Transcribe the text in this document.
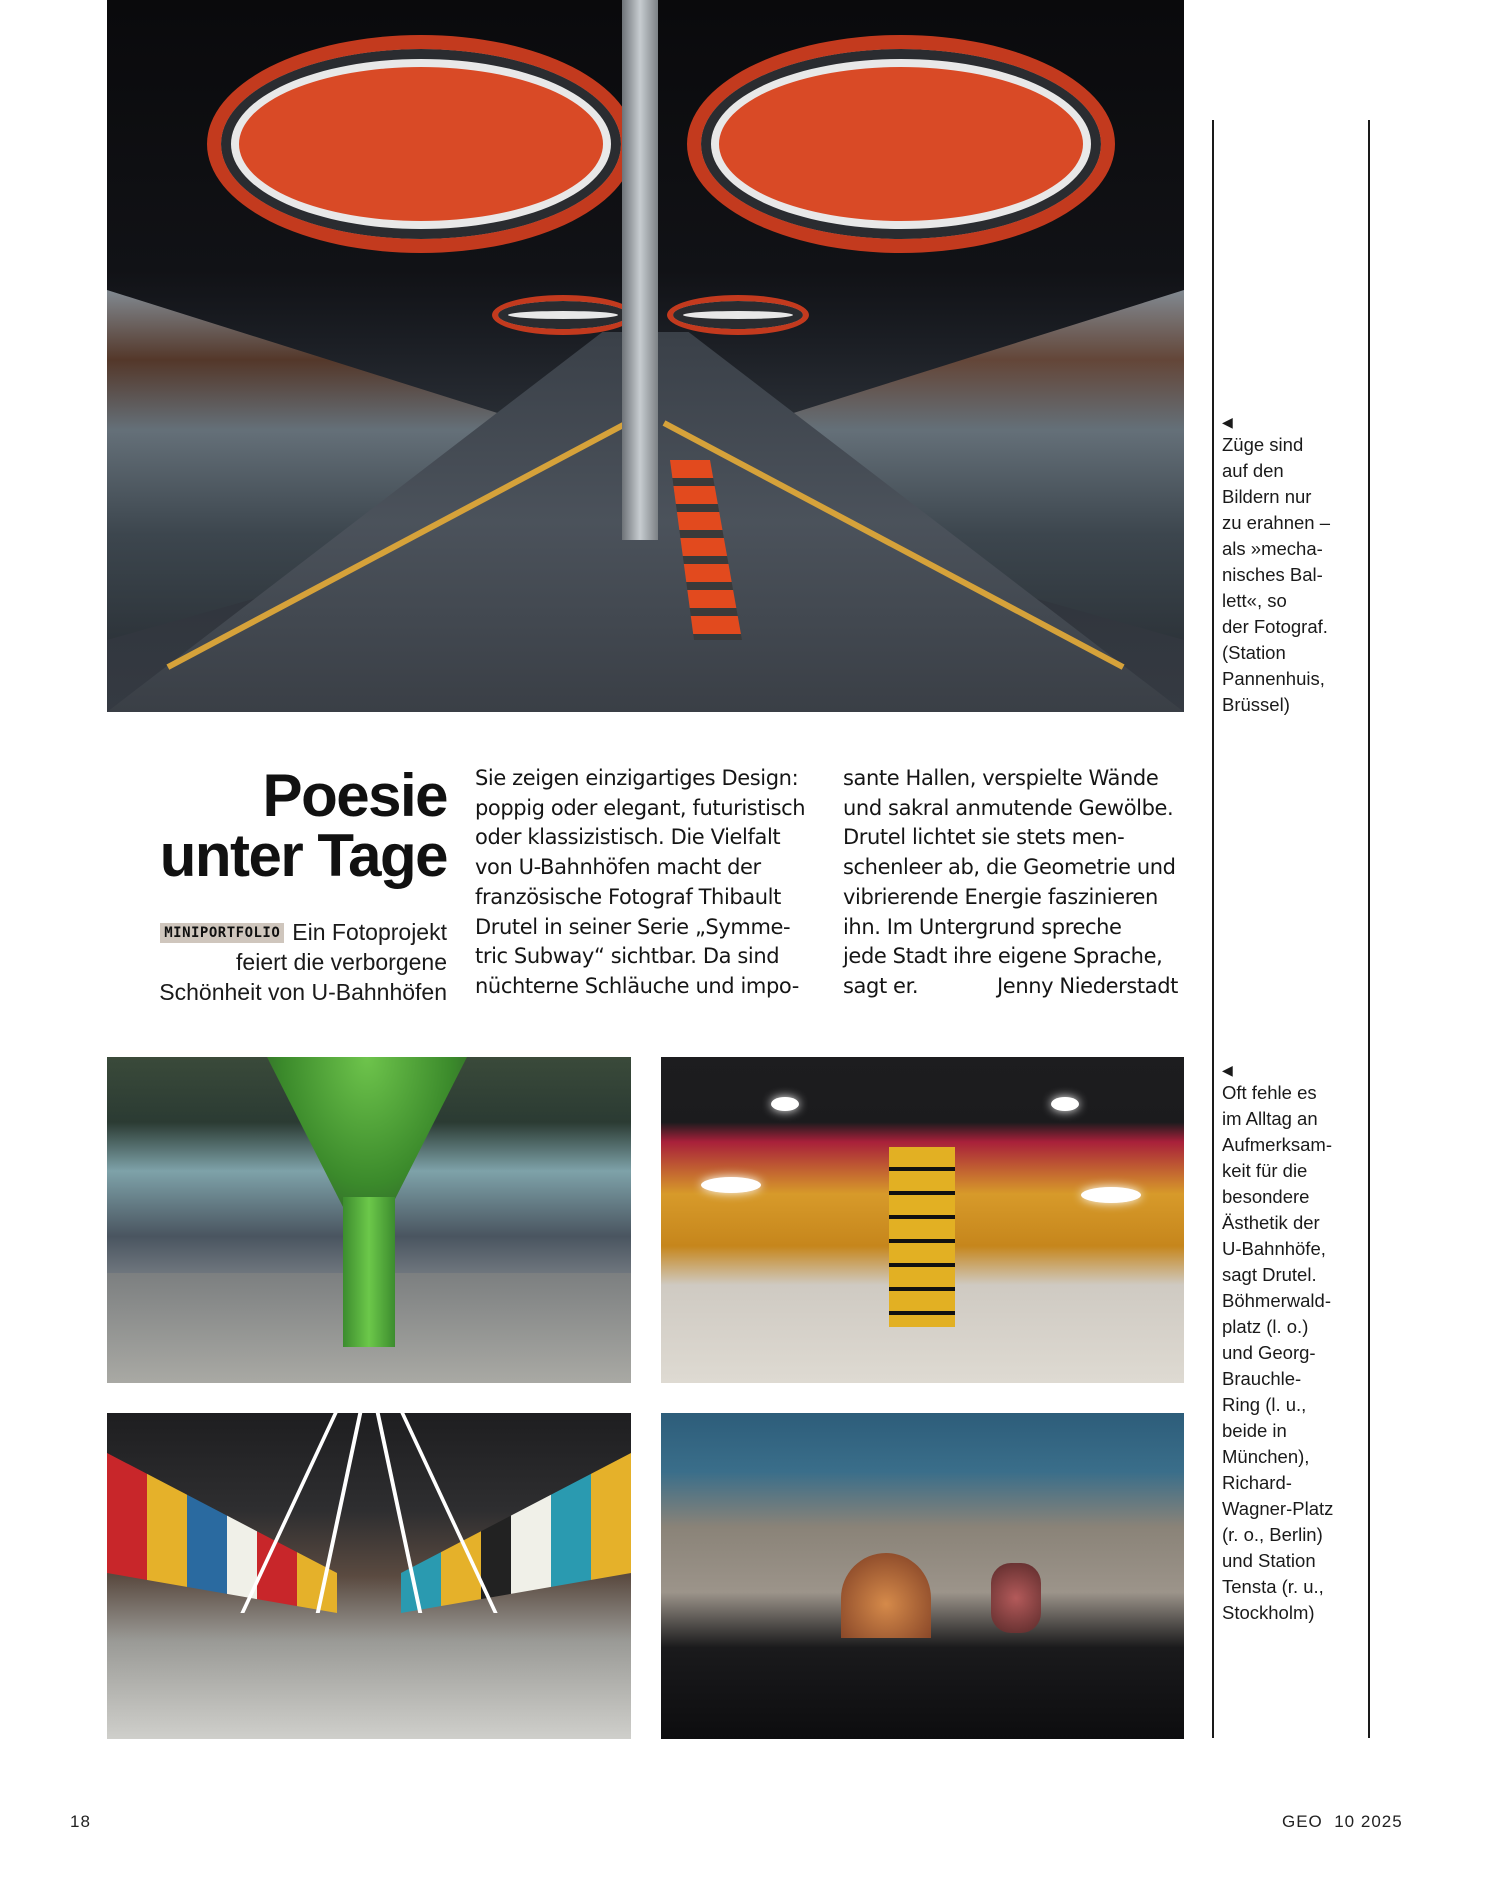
Poesie
unter Tage
MINIPORTFOLIO Ein Fotoprojekt
feiert die verborgene
Schönheit von U-Bahnhöfen
Sie zeigen einzigartiges Design:
poppig oder elegant, futuristisch
oder klassizistisch. Die Vielfalt
von U-Bahnhöfen macht der
französische Fotograf Thibault
Drutel in seiner Serie „Symme-
tric Subway“ sichtbar. Da sind
nüchterne Schläuche und impo-
sante Hallen, verspielte Wände
und sakral anmutende Gewölbe.
Drutel lichtet sie stets men-
schenleer ab, die Geometrie und
vibrierende Energie faszinieren
ihn. Im Untergrund spreche
jede Stadt ihre eigene Sprache,
sagt er.	Jenny Niederstadt
◀
Züge sind
auf den
Bildern nur
zu erahnen –
als »mecha-
nisches Bal-
lett«, so
der Fotograf.
(Station
Pannenhuis,
Brüssel)
◀
Oft fehle es
im Alltag an
Aufmerksam-
keit für die
besondere
Ästhetik der
U-Bahnhöfe,
sagt Drutel.
Böhmerwald-
platz (l. o.)
und Georg-
Brauchle-
Ring (l. u.,
beide in
München),
Richard-
Wagner-Platz
(r. o., Berlin)
und Station
Tensta (r. u.,
Stockholm)
18	GEO  10 2025
